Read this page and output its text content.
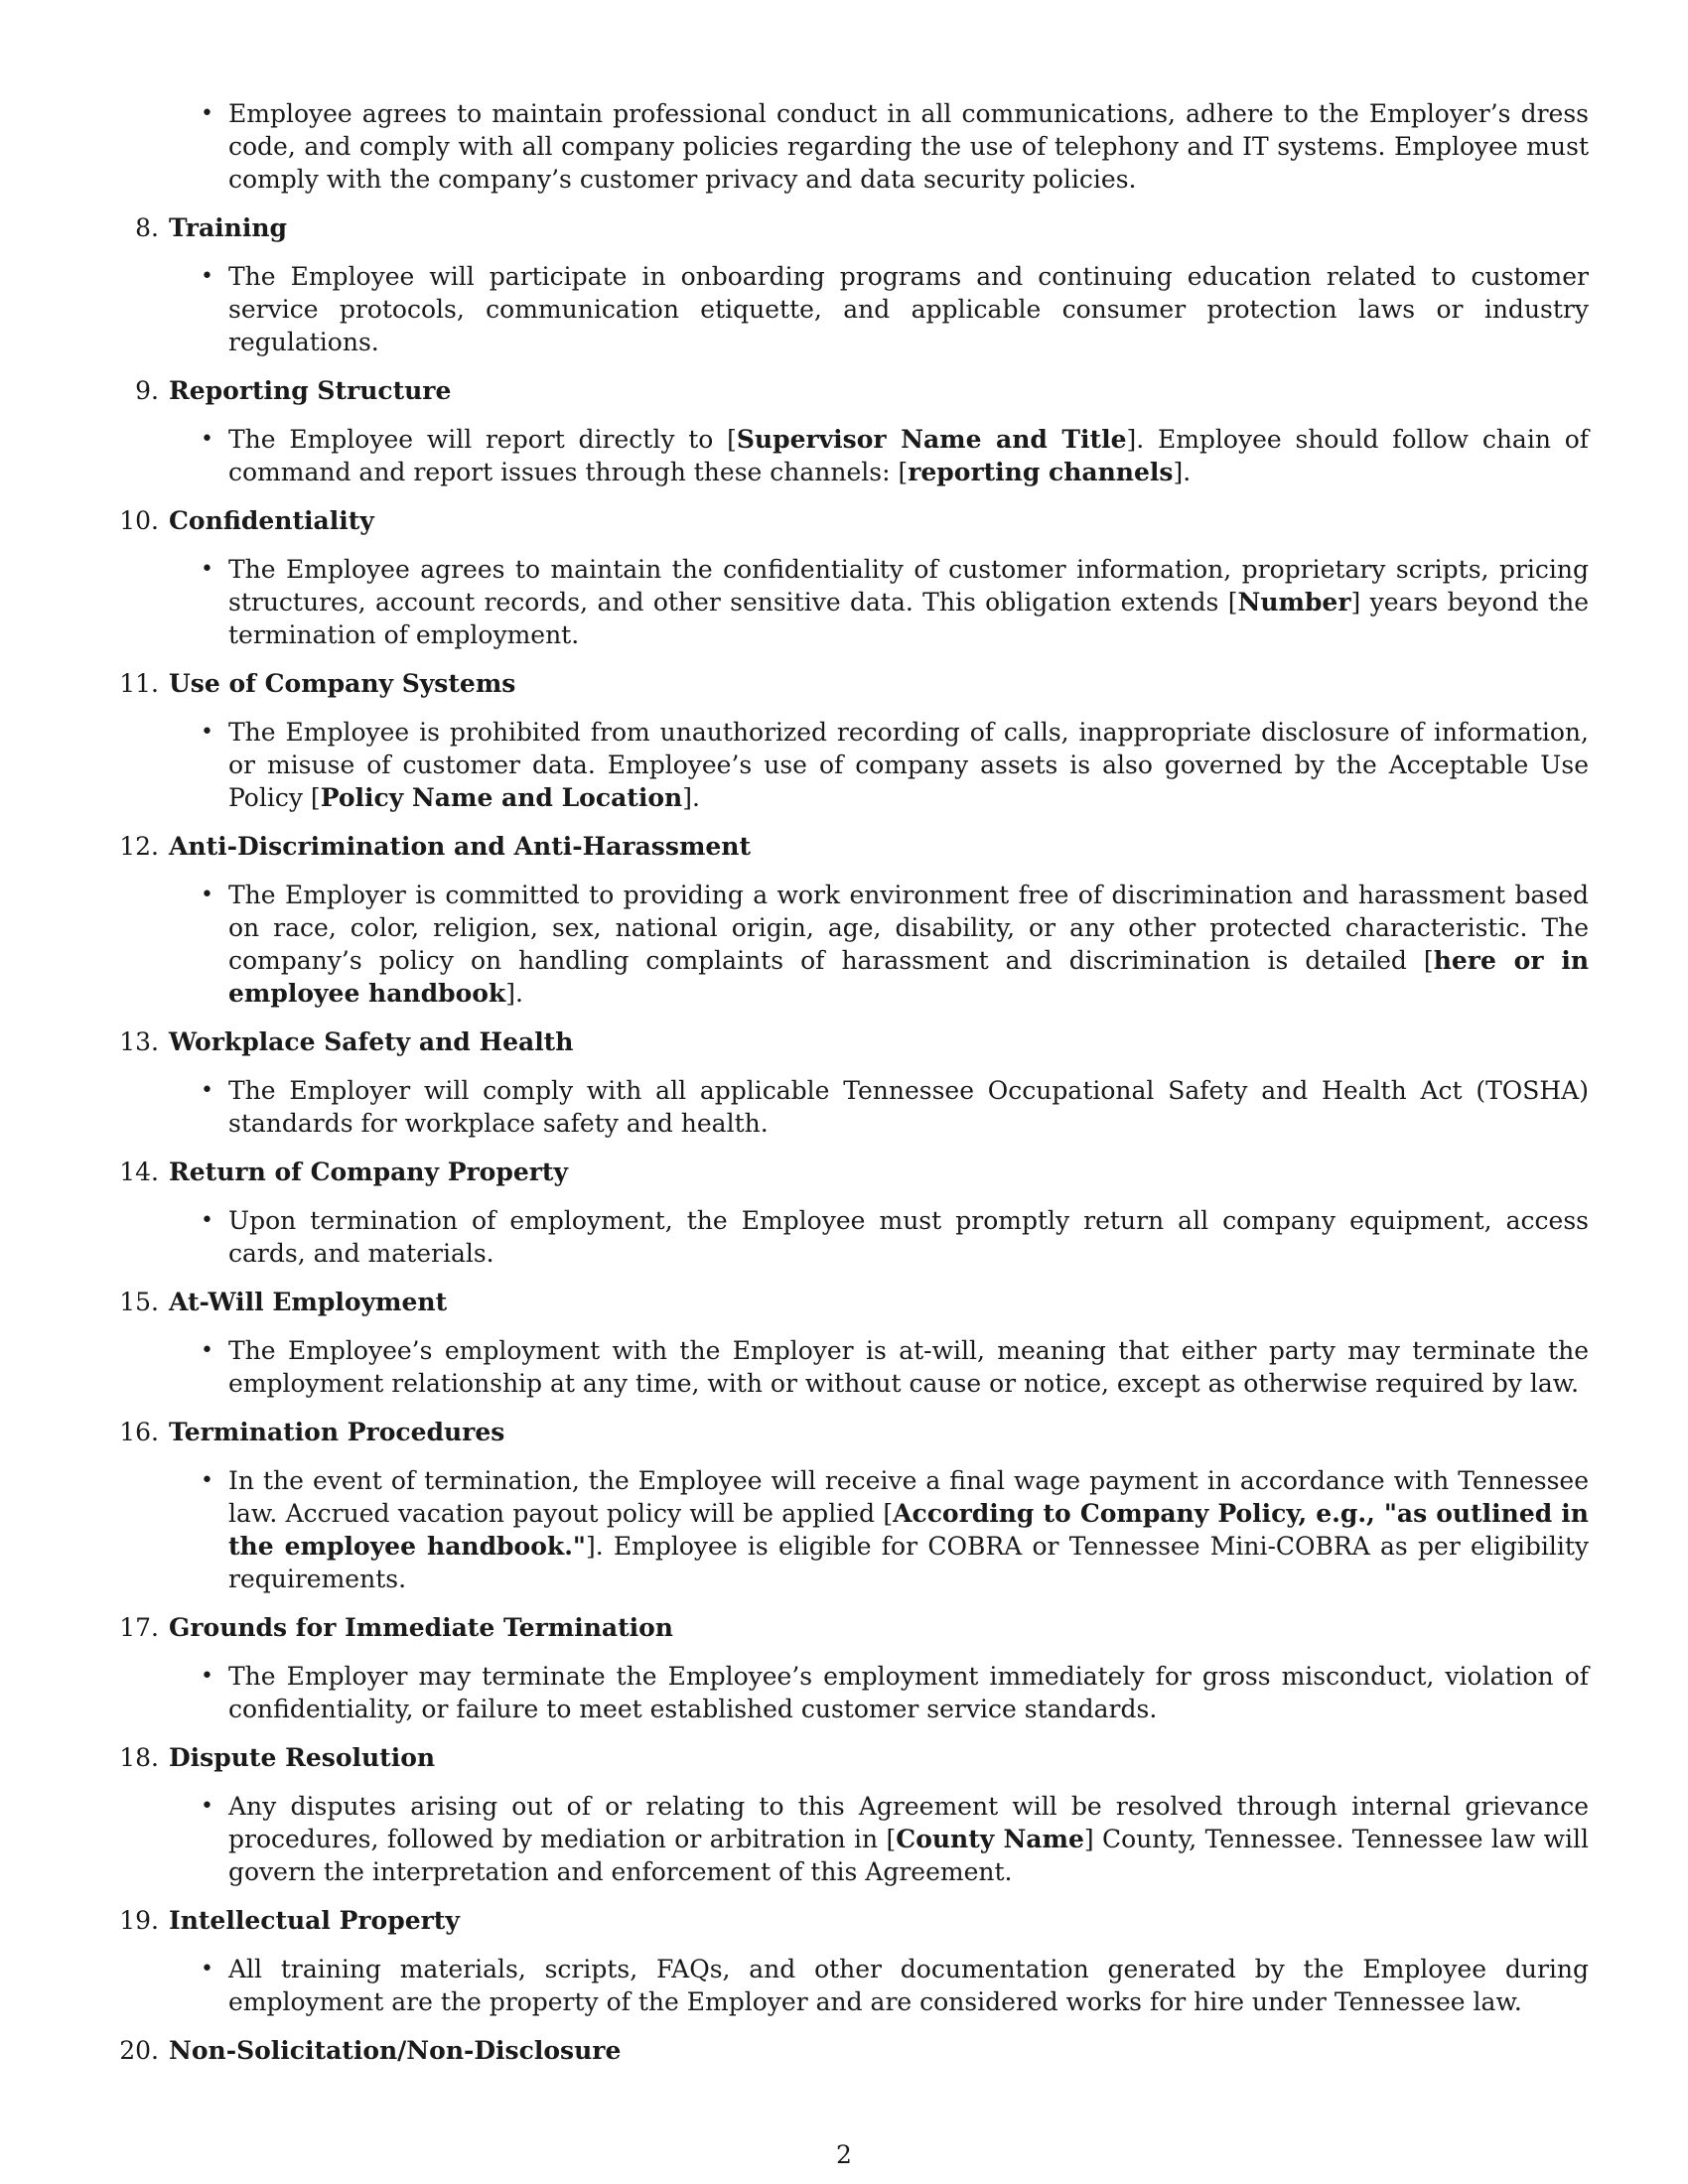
• Employee agrees to maintain professional conduct in all communications, adhere to the Employer’s dress code, and comply with all company policies regarding the use of telephony and IT systems. Employee must comply with the company’s customer privacy and data security policies.
8. Training
• The Employee will participate in onboarding programs and continuing education related to customer service protocols, communication etiquette, and applicable consumer protection laws or industry regulations.
9. Reporting Structure
• The Employee will report directly to [Supervisor Name and Title]. Employee should follow chain of command and report issues through these channels: [reporting channels].
10. Confidentiality
• The Employee agrees to maintain the confidentiality of customer information, proprietary scripts, pricing structures, account records, and other sensitive data. This obligation extends [Number] years beyond the termination of employment.
11. Use of Company Systems
• The Employee is prohibited from unauthorized recording of calls, inappropriate disclosure of information, or misuse of customer data. Employee’s use of company assets is also governed by the Acceptable Use Policy [Policy Name and Location].
12. Anti-Discrimination and Anti-Harassment
• The Employer is committed to providing a work environment free of discrimination and harassment based on race, color, religion, sex, national origin, age, disability, or any other protected characteristic. The company’s policy on handling complaints of harassment and discrimination is detailed [here or in employee handbook].
13. Workplace Safety and Health
• The Employer will comply with all applicable Tennessee Occupational Safety and Health Act (TOSHA) standards for workplace safety and health.
14. Return of Company Property
• Upon termination of employment, the Employee must promptly return all company equipment, access cards, and materials.
15. At-Will Employment
• The Employee’s employment with the Employer is at-will, meaning that either party may terminate the employment relationship at any time, with or without cause or notice, except as otherwise required by law.
16. Termination Procedures
• In the event of termination, the Employee will receive a final wage payment in accordance with Tennessee law. Accrued vacation payout policy will be applied [According to Company Policy, e.g., "as outlined in the employee handbook."]. Employee is eligible for COBRA or Tennessee Mini-COBRA as per eligibility requirements.
17. Grounds for Immediate Termination
• The Employer may terminate the Employee’s employment immediately for gross misconduct, violation of confidentiality, or failure to meet established customer service standards.
18. Dispute Resolution
• Any disputes arising out of or relating to this Agreement will be resolved through internal grievance procedures, followed by mediation or arbitration in [County Name] County, Tennessee. Tennessee law will govern the interpretation and enforcement of this Agreement.
19. Intellectual Property
• All training materials, scripts, FAQs, and other documentation generated by the Employee during employment are the property of the Employer and are considered works for hire under Tennessee law.
20. Non-Solicitation/Non-Disclosure
2
